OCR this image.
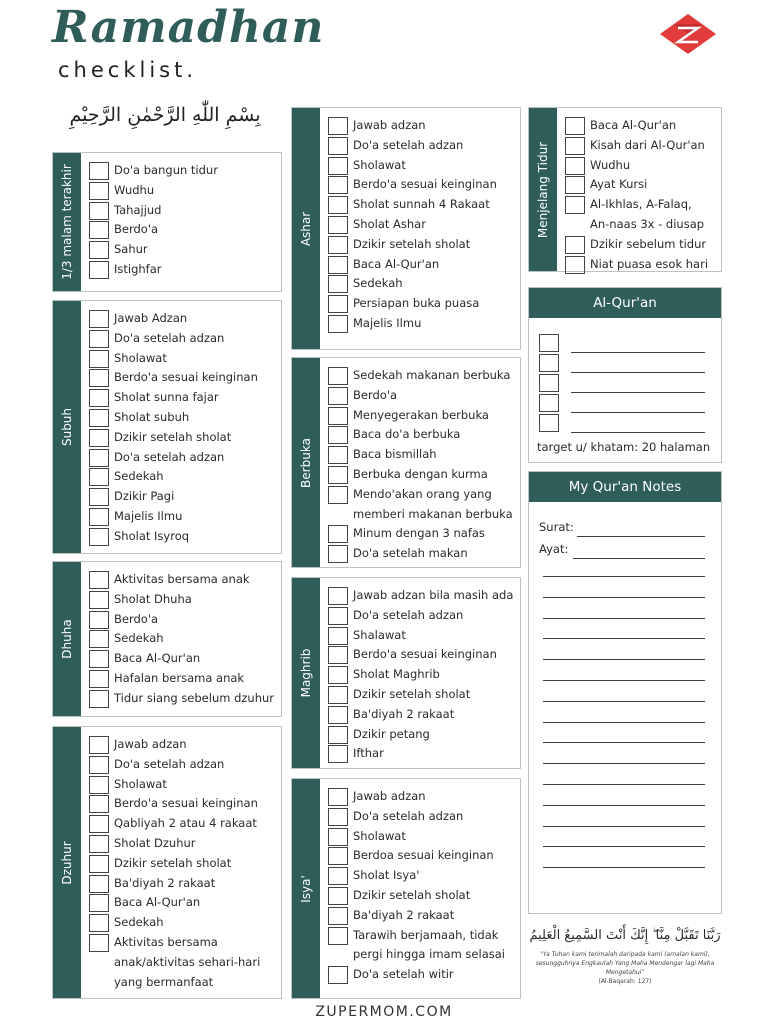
Ramadhan
checklist.
بِسْمِ اللّٰهِ الرَّحْمٰنِ الرَّحِيْمِ
1/3 malam terakhir	Do'a bangun tidur
Wudhu
Tahajjud
Berdo'a
Sahur
Istighfar
Subuh
Jawab Adzan
Do'a setelah adzan
Sholawat
Berdo'a sesuai keinginan
Sholat sunna fajar
Sholat subuh
Dzikir setelah sholat
Do'a setelah adzan
Sedekah
Dzikir Pagi
Majelis Ilmu
Sholat Isyroq
Dhuha
Aktivitas bersama anak
Sholat Dhuha
Berdo'a
Sedekah
Baca Al-Qur'an
Hafalan bersama anak
Tidur siang sebelum dzuhur
Dzuhur
Jawab adzan
Do'a setelah adzan
Sholawat
Berdo'a sesuai keinginan
Qabliyah 2 atau 4 rakaat
Sholat Dzuhur
Dzikir setelah sholat
Ba'diyah 2 rakaat
Baca Al-Qur'an
Sedekah
Aktivitas bersama
anak/aktivitas sehari-hari
yang bermanfaat
Ashar
Jawab adzan
Do'a setelah adzan
Sholawat
Berdo'a sesuai keinginan
Sholat sunnah 4 Rakaat
Sholat Ashar
Dzikir setelah sholat
Baca Al-Qur'an
Sedekah
Persiapan buka puasa
Majelis Ilmu
Berbuka
Sedekah makanan berbuka
Berdo'a
Menyegerakan berbuka
Baca do'a berbuka
Baca bismillah
Berbuka dengan kurma
Mendo'akan orang yang
memberi makanan berbuka
Minum dengan 3 nafas
Do'a setelah makan
Maghrib
Jawab adzan bila masih ada
Do'a setelah adzan
Shalawat
Berdo'a sesuai keinginan
Sholat Maghrib
Dzikir setelah sholat
Ba'diyah 2 rakaat
Dzikir petang
Ifthar
Isya'
Jawab adzan
Do'a setelah adzan
Sholawat
Berdoa sesuai keinginan
Sholat Isya'
Dzikir setelah sholat
Ba'diyah 2 rakaat
Tarawih berjamaah, tidak
pergi hingga imam selasai
Do'a setelah witir
Menjelang Tidur
Baca Al-Qur'an
Kisah dari Al-Qur'an
Wudhu
Ayat Kursi
Al-Ikhlas, A-Falaq,
An-naas 3x - diusap
Dzikir sebelum tidur
Niat puasa esok hari
Al-Qur'an
target u/ khatam: 20 halaman
My Qur'an Notes
Surat:
Ayat:
رَبَّنَا تَقَبَّلْ مِنَّا ۖ إِنَّكَ أَنْتَ السَّمِيعُ الْعَلِيمُ
"Ya Tuhan kami terimalah daripada kami (amalan kami), sesungguhnya Engkaulah Yang Maha Mendengar lagi Maha Mengetahui"
(Al-Baqarah: 127)
ZUPERMOM.COM
